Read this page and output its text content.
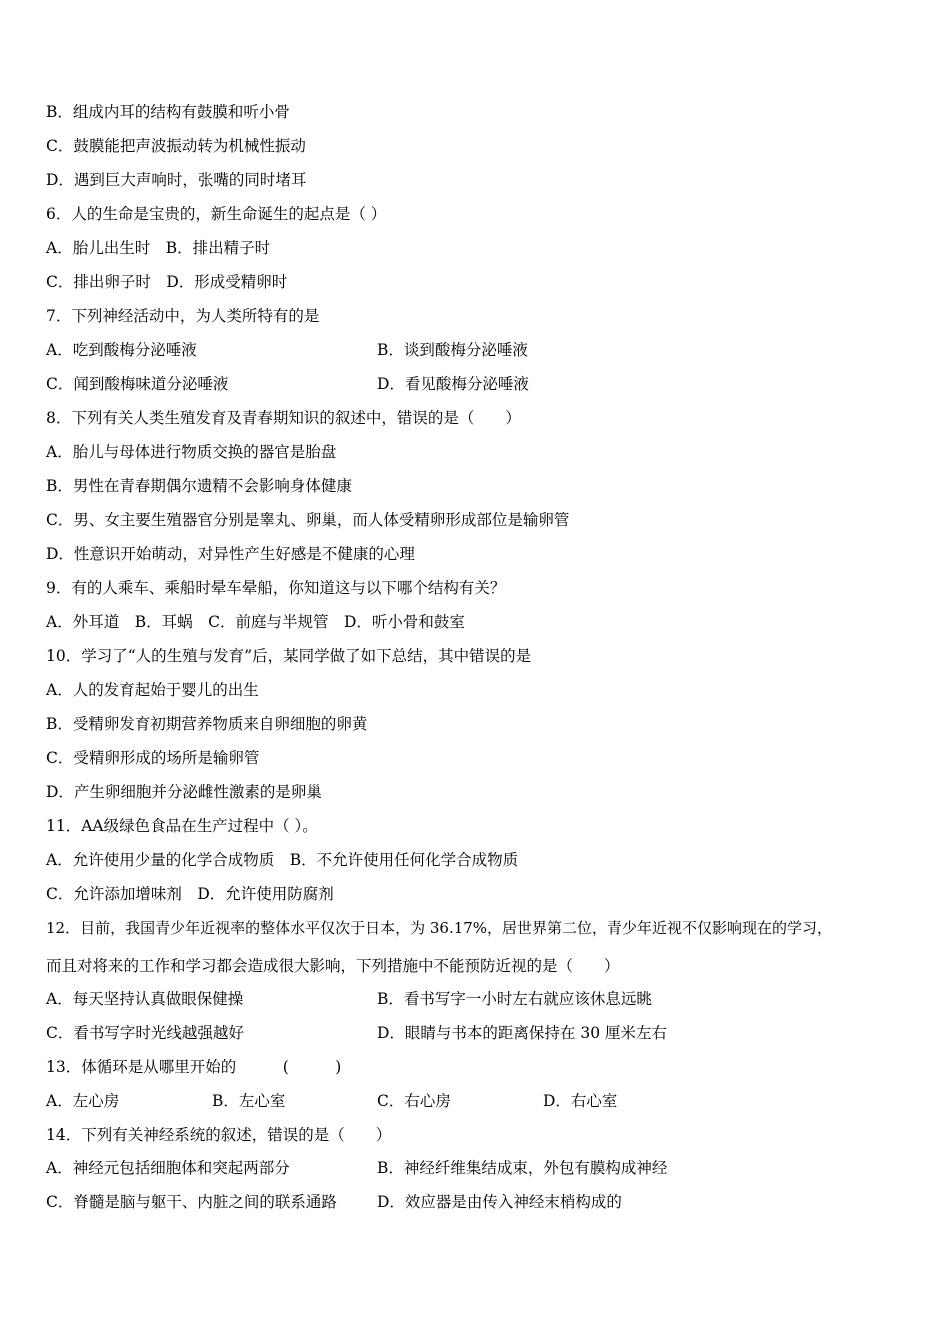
B．组成内耳的结构有鼓膜和听小骨
C．鼓膜能把声波振动转为机械性振动
D．遇到巨大声响时，张嘴的同时堵耳
6．人的生命是宝贵的，新生命诞生的起点是（ ）
A．胎儿出生时　B．排出精子时
C．排出卵子时　D．形成受精卵时
7．下列神经活动中，为人类所特有的是
A．吃到酸梅分泌唾液	B．谈到酸梅分泌唾液
C．闻到酸梅味道分泌唾液	D．看见酸梅分泌唾液
8．下列有关人类生殖发育及青春期知识的叙述中，错误的是（　　）
A．胎儿与母体进行物质交换的器官是胎盘
B．男性在青春期偶尔遗精不会影响身体健康
C．男、女主要生殖器官分别是睾丸、卵巢，而人体受精卵形成部位是输卵管
D．性意识开始萌动，对异性产生好感是不健康的心理
9．有的人乘车、乘船时晕车晕船，你知道这与以下哪个结构有关？
A．外耳道　B．耳蜗　C．前庭与半规管　D．听小骨和鼓室
10．学习了“人的生殖与发育”后，某同学做了如下总结，其中错误的是
A．人的发育起始于婴儿的出生
B．受精卵发育初期营养物质来自卵细胞的卵黄
C．受精卵形成的场所是输卵管
D．产生卵细胞并分泌雌性激素的是卵巢
11．AA级绿色食品在生产过程中（ ）。
A．允许使用少量的化学合成物质　B．不允许使用任何化学合成物质
C．允许添加增味剂　D．允许使用防腐剂
12．目前，我国青少年近视率的整体水平仅次于日本，为 36.17%，居世界第二位，青少年近视不仅影响现在的学习，
而且对将来的工作和学习都会造成很大影响，下列措施中不能预防近视的是（　　）
A．每天坚持认真做眼保健操	B．看书写字一小时左右就应该休息远眺
C．看书写字时光线越强越好	D．眼睛与书本的距离保持在 30 厘米左右
13．体循环是从哪里开始的　　　(　　　)
A．左心房	B．左心室	C．右心房	D．右心室
14．下列有关神经系统的叙述，错误的是（　　）
A．神经元包括细胞体和突起两部分	B．神经纤维集结成束，外包有膜构成神经
C．脊髓是脑与躯干、内脏之间的联系通路	D．效应器是由传入神经末梢构成的
